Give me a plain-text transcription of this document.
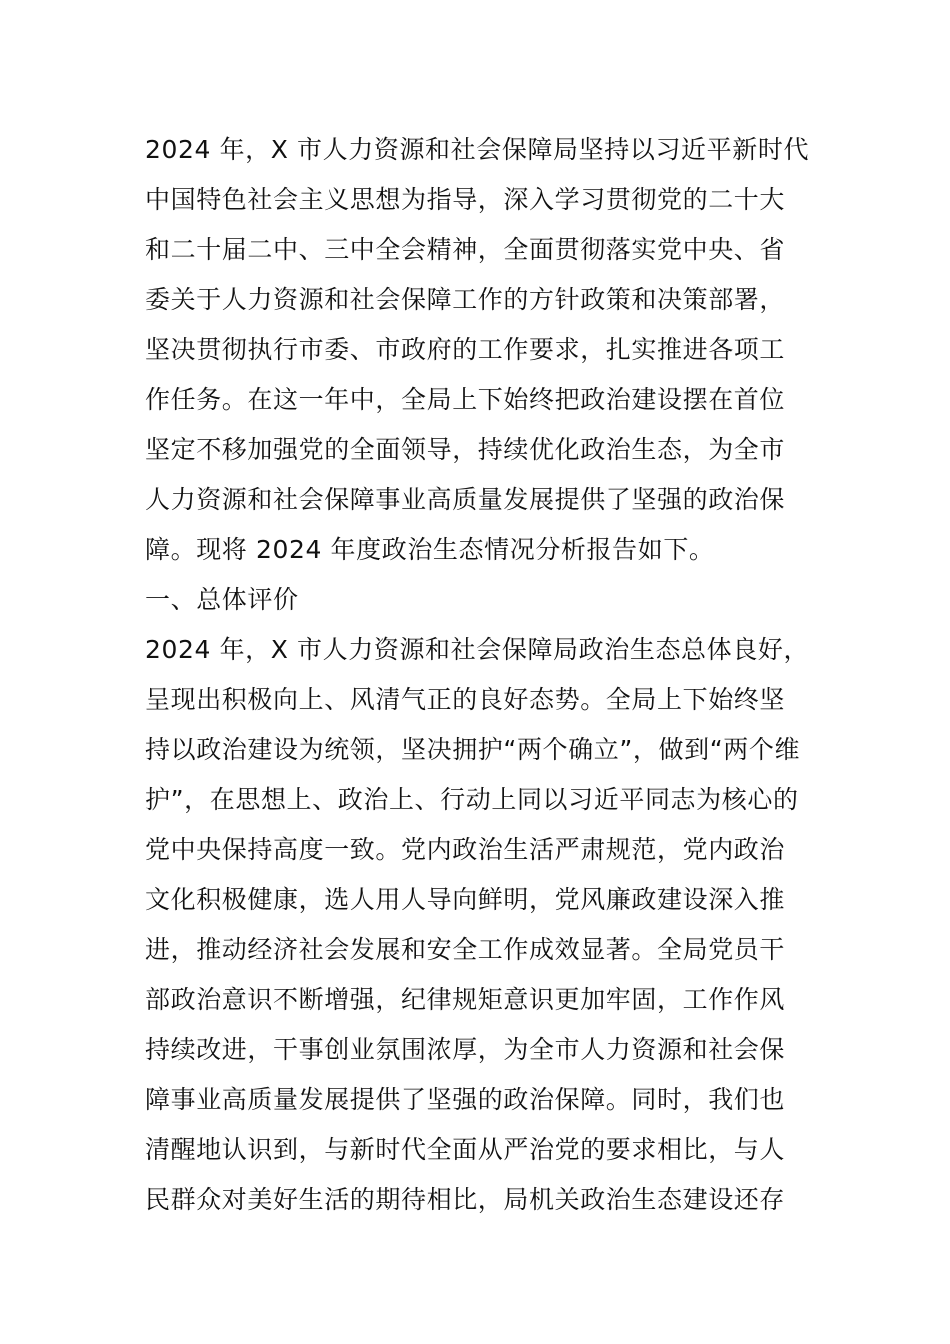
2024 年，X 市人力资源和社会保障局坚持以习近平新时代
中国特色社会主义思想为指导，深入学习贯彻党的二十大
和二十届二中、三中全会精神，全面贯彻落实党中央、省
委关于人力资源和社会保障工作的方针政策和决策部署，
坚决贯彻执行市委、市政府的工作要求，扎实推进各项工
作任务。在这一年中，全局上下始终把政治建设摆在首位
坚定不移加强党的全面领导，持续优化政治生态，为全市
人力资源和社会保障事业高质量发展提供了坚强的政治保
障。现将 2024 年度政治生态情况分析报告如下。
一、总体评价
2024 年，X 市人力资源和社会保障局政治生态总体良好，
呈现出积极向上、风清气正的良好态势。全局上下始终坚
持以政治建设为统领，坚决拥护“两个确立”，做到“两个维
护”，在思想上、政治上、行动上同以习近平同志为核心的
党中央保持高度一致。党内政治生活严肃规范，党内政治
文化积极健康，选人用人导向鲜明，党风廉政建设深入推
进，推动经济社会发展和安全工作成效显著。全局党员干
部政治意识不断增强，纪律规矩意识更加牢固，工作作风
持续改进，干事创业氛围浓厚，为全市人力资源和社会保
障事业高质量发展提供了坚强的政治保障。同时，我们也
清醒地认识到，与新时代全面从严治党的要求相比，与人
民群众对美好生活的期待相比，局机关政治生态建设还存
